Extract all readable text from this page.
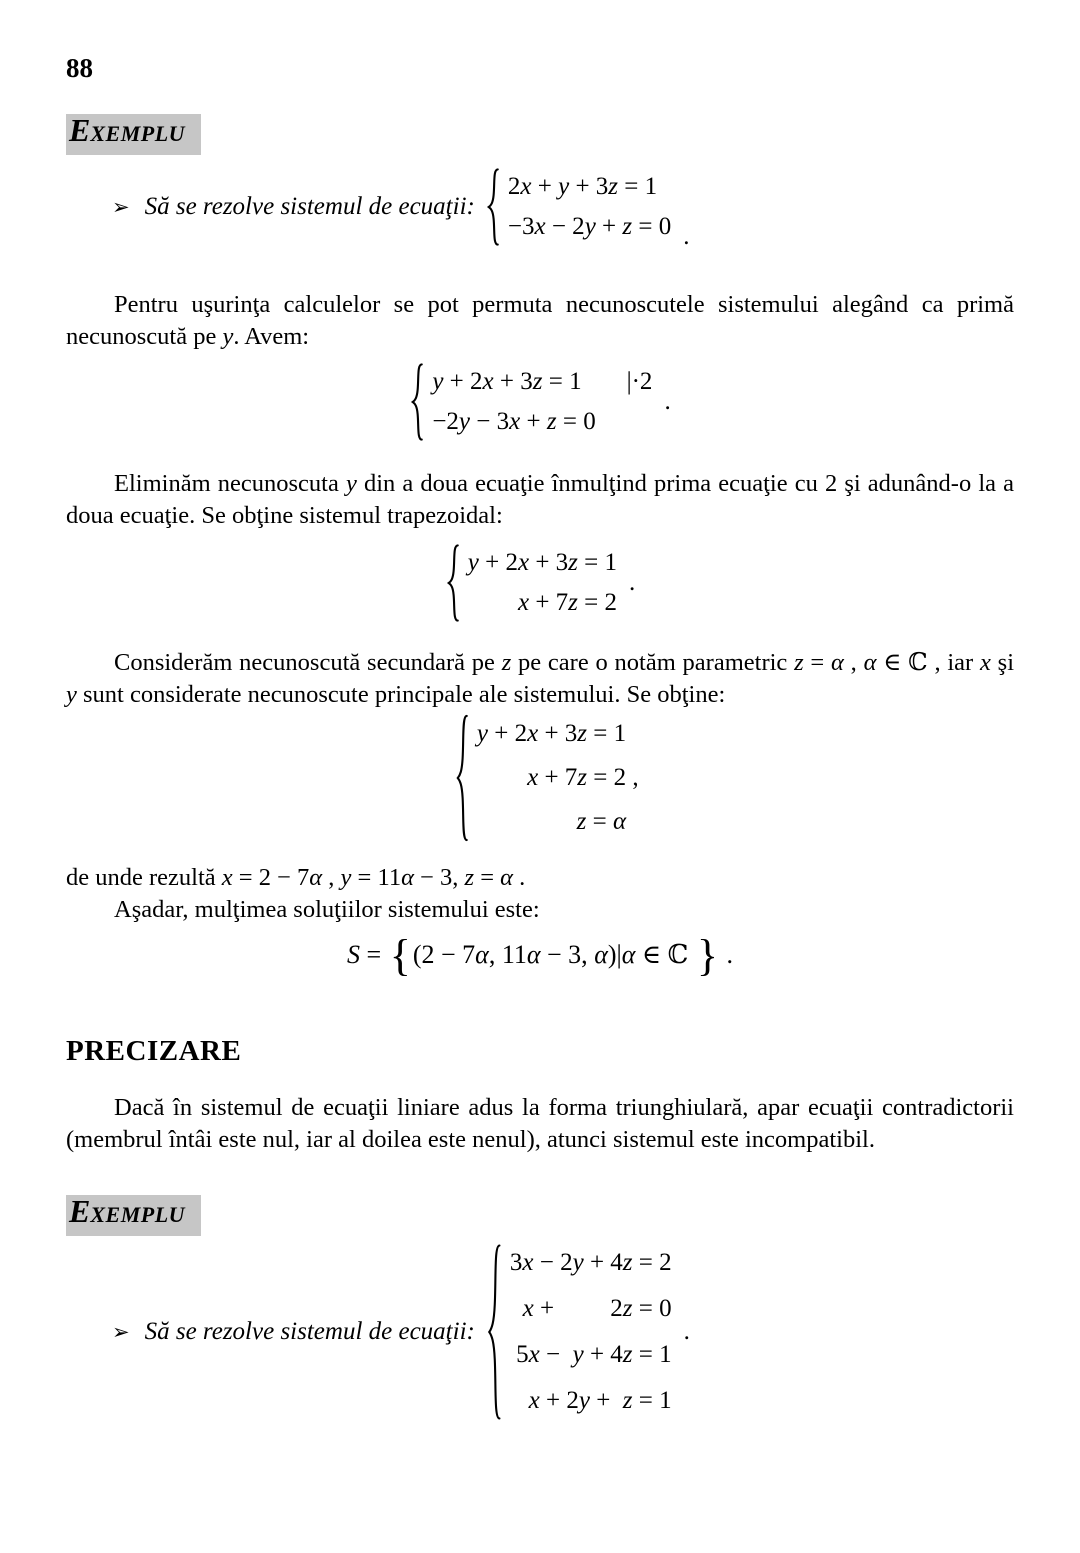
88
EXEMPLU
➢ Să se rezolve sistemul de ecuaţii:
2x + y + 3z = 1
−3x − 2y + z = 0 .

Pentru uşurinţa calculelor se pot permuta necunoscutele sistemului alegând ca primă necunoscută pe y. Avem:

y + 2x + 3z = 1 |·2
−2y − 3x + z = 0
.

Eliminăm necunoscuta y din a doua ecuaţie înmulţind prima ecuaţie cu 2 şi adunând-o la a doua ecuaţie. Se obţine sistemul trapezoidal:

y + 2x + 3z = 1
x + 7z = 2
.

Considerăm necunoscută secundară pe z pe care o notăm parametric z = α , α ∈ ℂ , iar x şi y sunt considerate necunoscute principale ale sistemului. Se obţine:

y + 2x + 3z = 1
x + 7z = 2 ,
z = α

de unde rezultă x = 2 − 7α , y = 11α − 3, z = α .

Aşadar, mulţimea soluţiilor sistemului este:

S = {(2 − 7α, 11α − 3, α)|α ∈ ℂ } .
PRECIZARE

Dacă în sistemul de ecuaţii liniare adus la forma triunghiulară, apar ecuaţii contradictorii (membrul întâi este nul, iar al doilea este nenul), atunci sistemul este incompatibil.

EXEMPLU
➢ Să se rezolve sistemul de ecuaţii:
3x − 2y + 4z = 2
x +         2z = 0
5x −  y + 4z = 1
x + 2y +  z = 1
.
